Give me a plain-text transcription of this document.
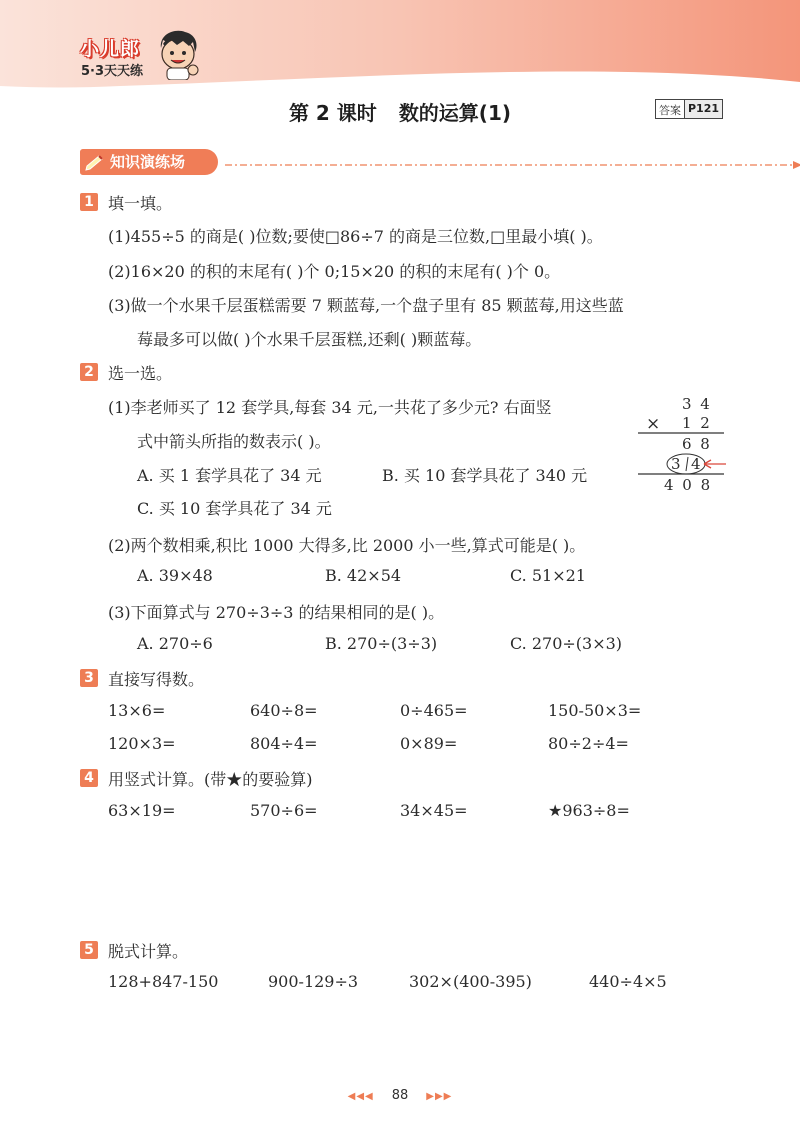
小儿郎
5·3天天练
第 2 课时 数的运算(1)	答案 P121
知识演练场
1 填一填。
(1)455÷5 的商是( )位数;要使□86÷7 的商是三位数,□里最小填( )。
(2)16×20 的积的末尾有( )个 0;15×20 的积的末尾有( )个 0。
(3)做一个水果千层蛋糕需要 7 颗蓝莓,一个盘子里有 85 颗蓝莓,用这些蓝
莓最多可以做( )个水果千层蛋糕,还剩( )颗蓝莓。
2 选一选。
(1)李老师买了 12 套学具,每套 34 元,一共花了多少元? 右面竖
式中箭头所指的数表示( )。
A. 买 1 套学具花了 34 元	B. 买 10 套学具花了 340 元
C. 买 10 套学具花了 34 元
3 4
× 1 2
6 8
3 4
4 0 8
(2)两个数相乘,积比 1000 大得多,比 2000 小一些,算式可能是( )。
A. 39×48	B. 42×54	C. 51×21
(3)下面算式与 270÷3÷3 的结果相同的是( )。
A. 270÷6	B. 270÷(3÷3)	C. 270÷(3×3)
3 直接写得数。
13×6=	640÷8=	0÷465=	150-50×3=
120×3=	804÷4=	0×89=	80÷2÷4=
4 用竖式计算。(带★的要验算)
63×19=	570÷6=	34×45=	★963÷8=
5 脱式计算。
128+847-150	900-129÷3	302×(400-395)	440÷4×5
◀◀◀ 88 ▶▶▶
